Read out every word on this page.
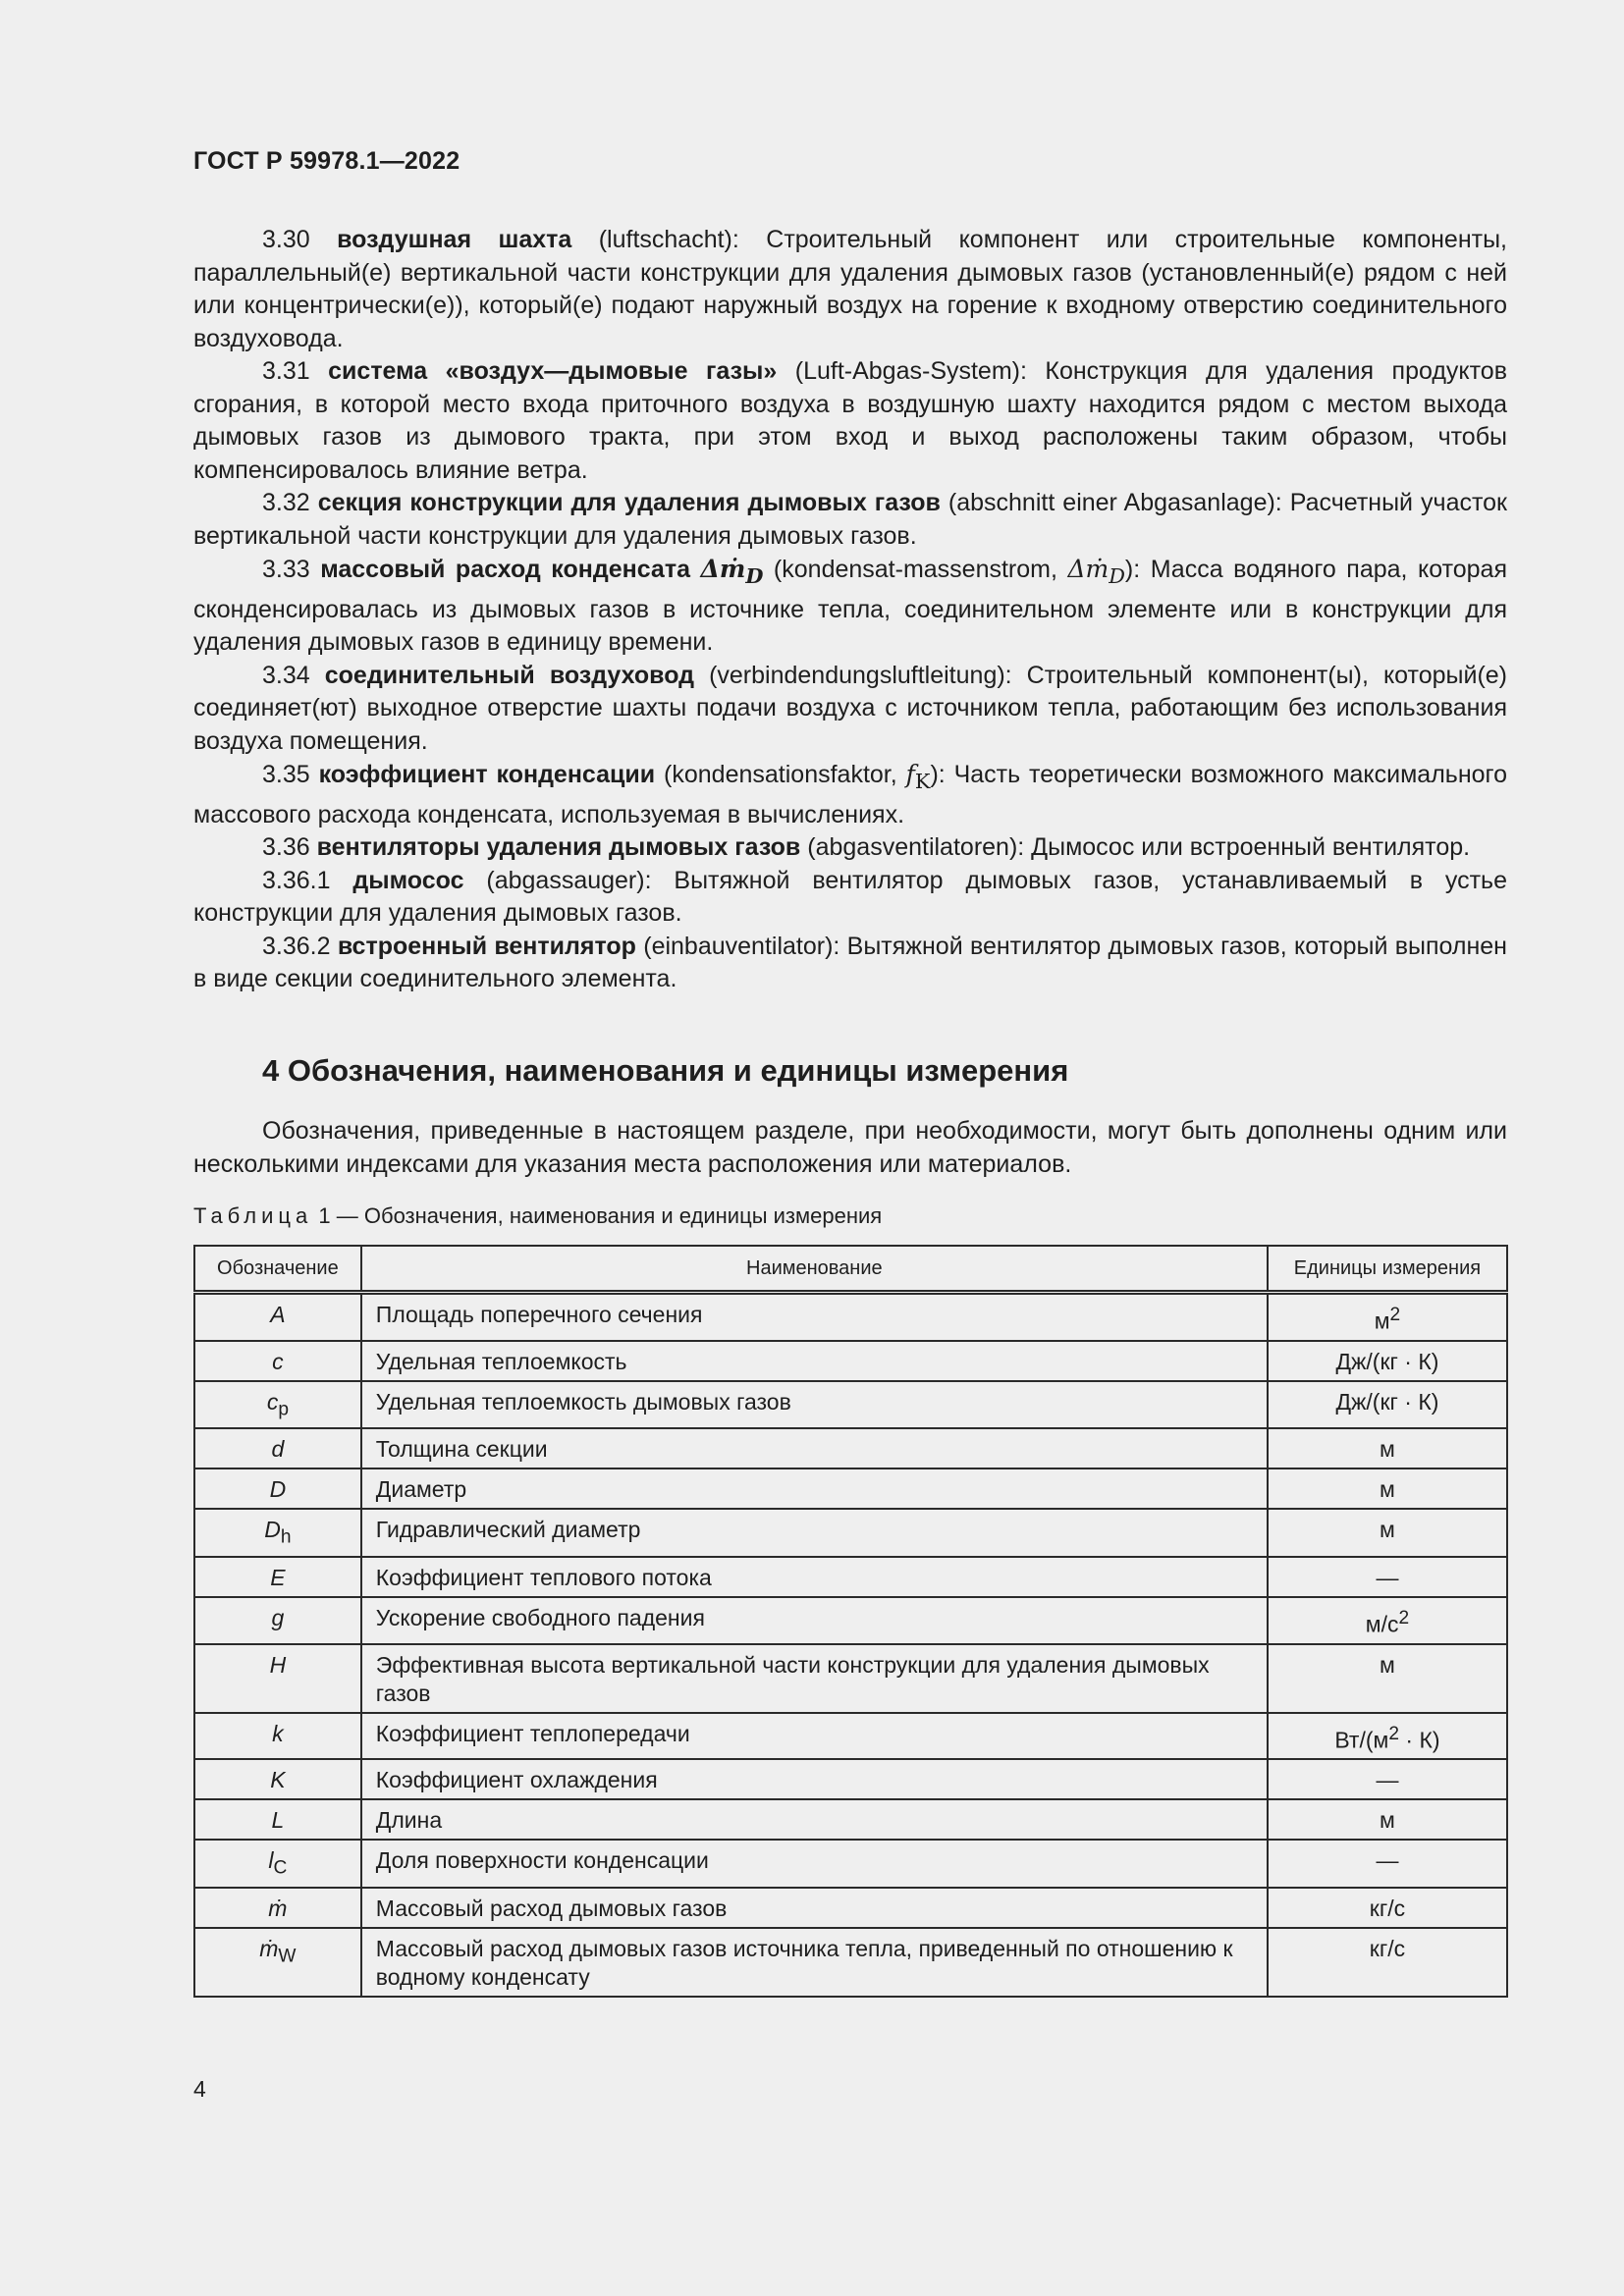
ГОСТ Р 59978.1—2022

3.30 воздушная шахта (luftschacht): Строительный компонент или строительные компоненты, параллельный(е) вертикальной части конструкции для удаления дымовых газов (установленный(е) рядом с ней или концентрически(е)), который(е) подают наружный воздух на горение к входному отверстию соединительного воздуховода.

3.31 система «воздух—дымовые газы» (Luft-Abgas-System): Конструкция для удаления продуктов сгорания, в которой место входа приточного воздуха в воздушную шахту находится рядом с местом выхода дымовых газов из дымового тракта, при этом вход и выход расположены таким образом, чтобы компенсировалось влияние ветра.

3.32 секция конструкции для удаления дымовых газов (abschnitt einer Abgasanlage): Расчетный участок вертикальной части конструкции для удаления дымовых газов.

3.33 массовый расход конденсата Δṁ$_D$ (kondensat-massenstrom, Δṁ$_D$): Масса водяного пара, которая сконденсировалась из дымовых газов в источнике тепла, соединительном элементе или в конструкции для удаления дымовых газов в единицу времени.

3.34 соединительный воздуховод (verbindendungsluftleitung): Строительный компонент(ы), который(е) соединяет(ют) выходное отверстие шахты подачи воздуха с источником тепла, работающим без использования воздуха помещения.

3.35 коэффициент конденсации (kondensationsfaktor, $f_K$): Часть теоретически возможного максимального массового расхода конденсата, используемая в вычислениях.

3.36 вентиляторы удаления дымовых газов (abgasventilatoren): Дымосос или встроенный вентилятор.

3.36.1 дымосос (abgassauger): Вытяжной вентилятор дымовых газов, устанавливаемый в устье конструкции для удаления дымовых газов.

3.36.2 встроенный вентилятор (einbauventilator): Вытяжной вентилятор дымовых газов, который выполнен в виде секции соединительного элемента.

4 Обозначения, наименования и единицы измерения
Обозначения, приведенные в настоящем разделе, при необходимости, могут быть дополнены одним или несколькими индексами для указания места расположения или материалов.
Таблица 1 — Обозначения, наименования и единицы измерения
Обозначение	Наименование	Единицы измерения
A	Площадь поперечного сечения	$м^2$
c	Удельная теплоемкость	Дж/(кг · К)
$c_p$	Удельная теплоемкость дымовых газов	Дж/(кг · К)
d	Толщина секции	м
D	Диаметр	м
$D_h$	Гидравлический диаметр	м
E	Коэффициент теплового потока	—
g	Ускорение свободного падения	$м/с^2$
H	Эффективная высота вертикальной части конструкции для удаления дымовых газов	м
k	Коэффициент теплопередачи	$Вт/(м^2 \cdot К)$
K	Коэффициент охлаждения	—
L	Длина	м
$l_C$	Доля поверхности конденсации	—
ṁ	Массовый расход дымовых газов	кг/с
ṁ$_W$	Массовый расход дымовых газов источника тепла, приведенный по отношению к водному конденсату	кг/с
4
